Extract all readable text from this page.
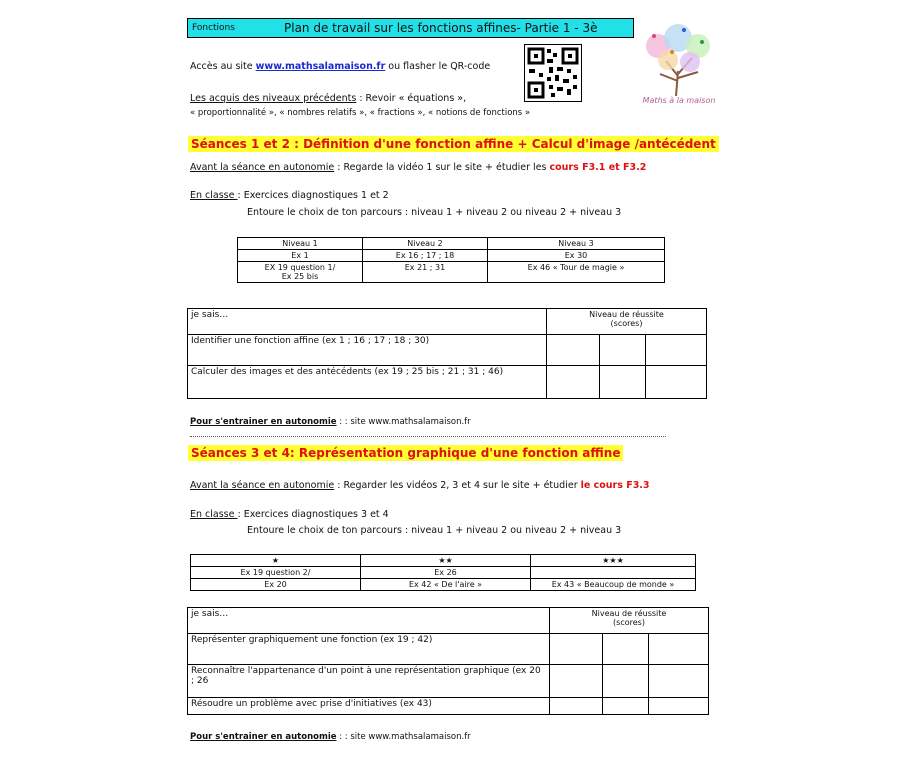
Fonctions	Plan de travail sur les fonctions affines- Partie 1 - 3è
Maths à la maison
Accès au site www.mathsalamaison.fr ou flasher le QR-code
Les acquis des niveaux précédents : Revoir « équations »,
« proportionnalité », « nombres relatifs », « fractions », « notions de fonctions »
Séances 1 et 2 : Définition d'une fonction affine + Calcul d'image /antécédent
Avant la séance en autonomie : Regarde la vidéo 1 sur le site + étudier les cours F3.1 et F3.2
En classe : Exercices diagnostiques 1 et 2
Entoure le choix de ton parcours : niveau 1 + niveau 2 ou niveau 2 + niveau 3
Niveau 1	Niveau 2	Niveau 3
Ex 1	Ex 16 ; 17 ; 18	Ex 30
EX 19 question 1/
Ex 25 bis	Ex 21 ; 31	Ex 46 « Tour de magie »
je sais…	Niveau de réussite
(scores)		
Identifier une fonction affine (ex 1 ; 16 ; 17 ; 18 ; 30)			
Calculer des images et des antécédents (ex 19 ; 25 bis ; 21 ; 31 ; 46)			
Pour s'entrainer en autonomie : : site www.mathsalamaison.fr
Séances 3 et 4: Représentation graphique d'une fonction affine
Avant la séance en autonomie : Regarder les vidéos 2, 3 et 4 sur le site + étudier le cours F3.3
En classe : Exercices diagnostiques 3 et 4
Entoure le choix de ton parcours : niveau 1 + niveau 2 ou niveau 2 + niveau 3
★	★★	★★★
Ex 19 question 2/	Ex 26	
Ex 20	Ex 42 « De l'aire »	Ex 43 « Beaucoup de monde »
je sais…	Niveau de réussite
(scores)		
Représenter graphiquement une fonction (ex 19 ; 42)			
Reconnaître l'appartenance d'un point à une représentation graphique (ex 20 ; 26			
Résoudre un problème avec prise d'initiatives (ex 43)			
Pour s'entrainer en autonomie : : site www.mathsalamaison.fr
